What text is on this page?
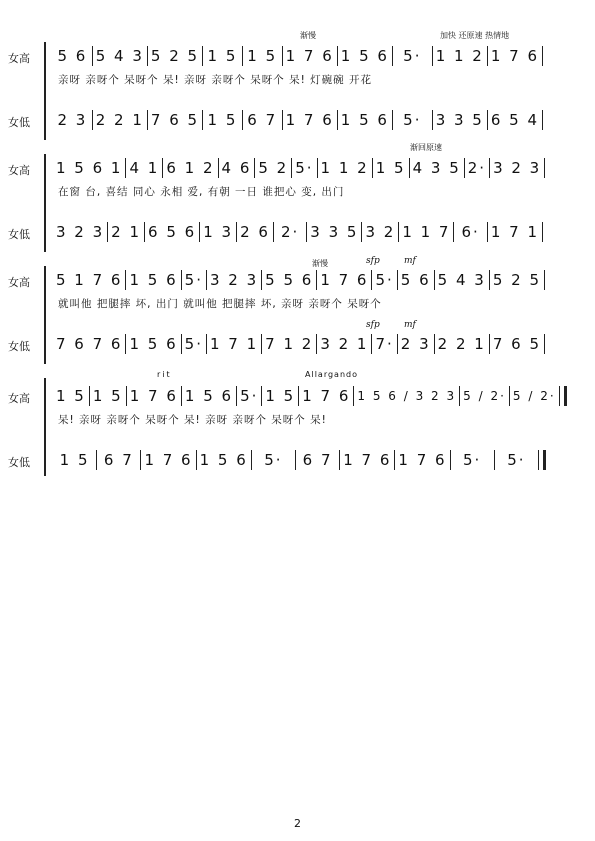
女高
女低
渐慢	加快 还原速 热情地
5 6 5 4 3 5 2 5 1 5 1 5 1 7 6 1 5 6 5· 1 1 2 1 7 6
亲呀 亲呀个 呆呀个 呆! 亲呀 亲呀个 呆呀个 呆! 灯碗碗 开花
2 3 2 2 1 7 6 5 1 5 6 7 1 7 6 1 5 6 5· 3 3 5 6 5 4
女高
女低
渐回原速
1 5 6 1 4 1 6 1 2 4 6 5 2 5· 1 1 2 1 5 4 3 5 2· 3 2 3
在窗 台, 喜结 同心 永相 爱, 有朝 一日 谁把心 变, 出门
3 2 3 2 1 6 5 6 1 3 2 6 2· 3 3 5 3 2 1 1 7 6· 1 7 1
女高
女低
渐慢	sfp	mf
sfp	mf
5 1 7 6 1 5 6 5· 3 2 3 5 5 6 1 7 6 5· 5 6 5 4 3 5 2 5
就叫他 把腿摔 坏, 出门 就叫他 把腿摔 坏, 亲呀 亲呀个 呆呀个
7 6 7 6 1 5 6 5· 1 7 1 7 1 2 3 2 1 7· 2 3 2 2 1 7 6 5
女高
女低
rit	Allargando
1 5 1 5 1 7 6 1 5 6 5· 1 5 1 7 6 1 5 6 / 3 2 3 5 / 2· 5 / 2·
呆! 亲呀 亲呀个 呆呀个 呆! 亲呀 亲呀个 呆呀个 呆!
1 5 6 7 1 7 6 1 5 6	5·	6 7 1 7 6 1 7 6	5·	5·
2
